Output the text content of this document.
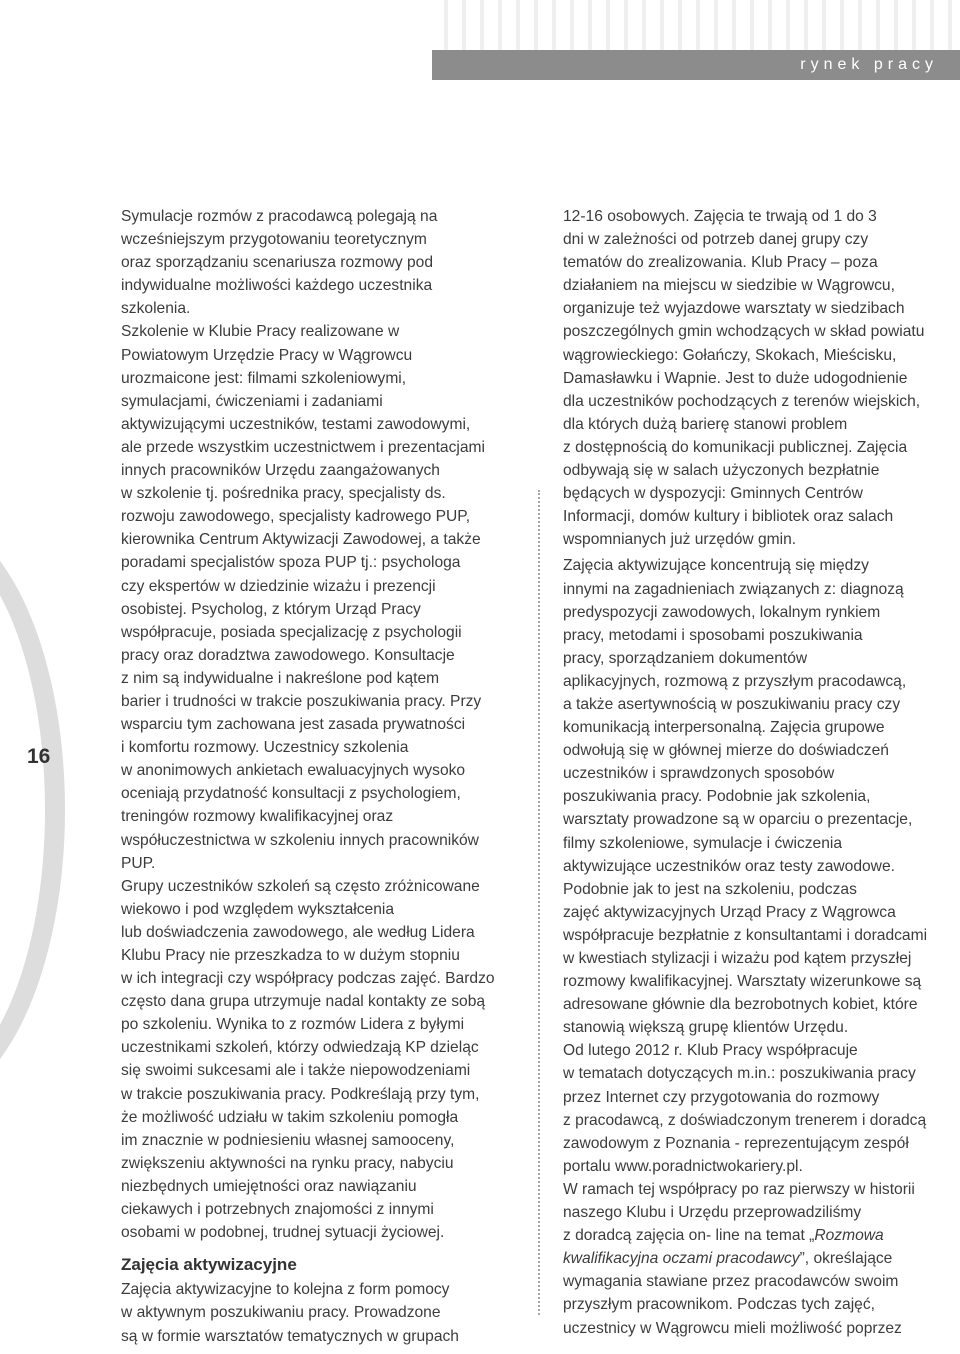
rynek pracy
16
Symulacje rozmów z pracodawcą polegają na
wcześniejszym przygotowaniu teoretycznym
oraz sporządzaniu scenariusza rozmowy pod
indywidualne możliwości każdego uczestnika
szkolenia.
Szkolenie w Klubie Pracy realizowane w
Powiatowym Urzędzie Pracy w Wągrowcu
urozmaicone jest: filmami szkoleniowymi,
symulacjami, ćwiczeniami i zadaniami
aktywizującymi uczestników, testami zawodowymi,
ale przede wszystkim uczestnictwem i prezentacjami
innych pracowników Urzędu zaangażowanych
w szkolenie tj. pośrednika pracy, specjalisty ds.
rozwoju zawodowego, specjalisty kadrowego PUP,
kierownika Centrum Aktywizacji Zawodowej, a także
poradami specjalistów spoza PUP tj.: psychologa
czy ekspertów w dziedzinie wizażu i prezencji
osobistej. Psycholog, z którym Urząd Pracy
współpracuje, posiada specjalizację z psychologii
pracy oraz doradztwa zawodowego. Konsultacje
z nim są indywidualne i nakreślone pod kątem
barier i trudności w trakcie poszukiwania pracy. Przy
wsparciu tym zachowana jest zasada prywatności
i komfortu rozmowy. Uczestnicy szkolenia
w anonimowych ankietach ewaluacyjnych wysoko
oceniają przydatność konsultacji z psychologiem,
treningów rozmowy kwalifikacyjnej oraz
współuczestnictwa w szkoleniu innych pracowników
PUP.
Grupy uczestników szkoleń są często zróżnicowane
wiekowo i pod względem wykształcenia
lub doświadczenia zawodowego, ale według Lidera
Klubu Pracy nie przeszkadza to w dużym stopniu
w ich integracji czy współpracy podczas zajęć. Bardzo
często dana grupa utrzymuje nadal kontakty ze sobą
po szkoleniu. Wynika to z rozmów Lidera z byłymi
uczestnikami szkoleń, którzy odwiedzają KP dzieląc
się swoimi sukcesami ale i także niepowodzeniami
w trakcie poszukiwania pracy. Podkreślają przy tym,
że możliwość udziału w takim szkoleniu pomogła
im znacznie w podniesieniu własnej samooceny,
zwiększeniu aktywności na rynku pracy, nabyciu
niezbędnych umiejętności oraz nawiązaniu
ciekawych i potrzebnych znajomości z innymi
osobami w podobnej, trudnej sytuacji życiowej.
Zajęcia aktywizacyjne
Zajęcia aktywizacyjne to kolejna z form pomocy
w aktywnym poszukiwaniu pracy. Prowadzone
są w formie warsztatów tematycznych w grupach
12-16 osobowych. Zajęcia te trwają od 1 do 3
dni w zależności od potrzeb danej grupy czy
tematów do zrealizowania. Klub Pracy – poza
działaniem na miejscu w siedzibie w Wągrowcu,
organizuje też wyjazdowe warsztaty w siedzibach
poszczególnych gmin wchodzących w skład powiatu
wągrowieckiego: Gołańczy, Skokach, Mieścisku,
Damasławku i Wapnie. Jest to duże udogodnienie
dla uczestników pochodzących z terenów wiejskich,
dla których dużą barierę stanowi problem
z dostępnością do komunikacji publicznej. Zajęcia
odbywają się w salach użyczonych bezpłatnie
będących w dyspozycji: Gminnych Centrów
Informacji, domów kultury i bibliotek oraz salach
wspomnianych już urzędów gmin.
Zajęcia aktywizujące koncentrują się między
innymi na zagadnieniach związanych z: diagnozą
predyspozycji zawodowych, lokalnym rynkiem
pracy, metodami i sposobami poszukiwania
pracy, sporządzaniem dokumentów
aplikacyjnych, rozmową z przyszłym pracodawcą,
a także asertywnością w poszukiwaniu pracy czy
komunikacją interpersonalną. Zajęcia grupowe
odwołują się w głównej mierze do doświadczeń
uczestników i sprawdzonych sposobów
poszukiwania pracy. Podobnie jak szkolenia,
warsztaty prowadzone są w oparciu o prezentacje,
filmy szkoleniowe, symulacje i ćwiczenia
aktywizujące uczestników oraz testy zawodowe.
Podobnie jak to jest na szkoleniu, podczas
zajęć aktywizacyjnych Urząd Pracy z Wągrowca
współpracuje bezpłatnie z konsultantami i doradcami
w kwestiach stylizacji i wizażu pod kątem przyszłej
rozmowy kwalifikacyjnej. Warsztaty wizerunkowe są
adresowane głównie dla bezrobotnych kobiet, które
stanowią większą grupę klientów Urzędu.
Od lutego 2012 r. Klub Pracy współpracuje
w tematach dotyczących m.in.: poszukiwania pracy
przez Internet czy przygotowania do rozmowy
z pracodawcą, z doświadczonym trenerem i doradcą
zawodowym z Poznania - reprezentującym zespół
portalu www.poradnictwokariery.pl.
W ramach tej współpracy po raz pierwszy w historii
naszego Klubu i Urzędu przeprowadziliśmy
z doradcą zajęcia on- line na temat „Rozmowa
kwalifikacyjna oczami pracodawcy”, określające
wymagania stawiane przez pracodawców swoim
przyszłym pracownikom. Podczas tych zajęć,
uczestnicy w Wągrowcu mieli możliwość poprzez
